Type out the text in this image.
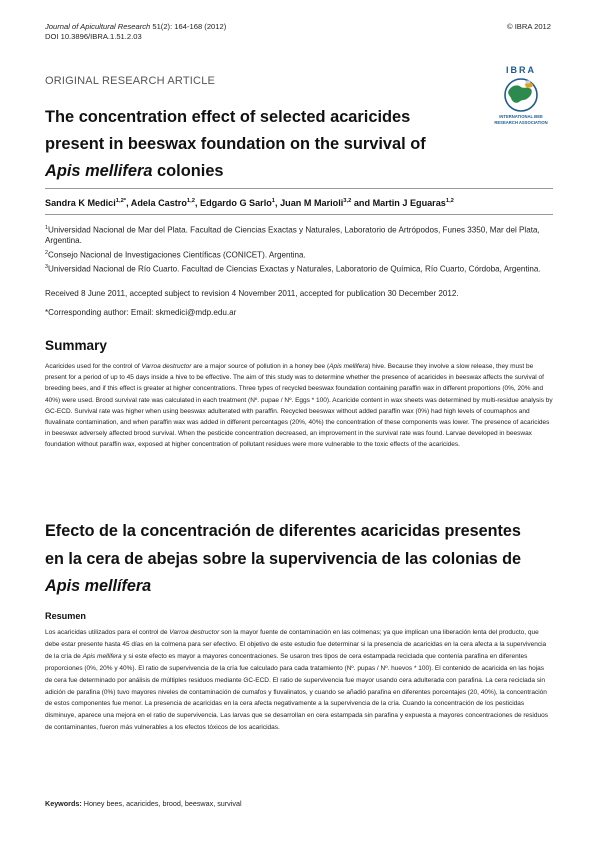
Journal of Apicultural Research 51(2): 164-168 (2012)
DOI 10.3896/IBRA.1.51.2.03
© IBRA 2012
ORIGINAL RESEARCH ARTICLE
IBRA
INTERNATIONAL BEE
RESEARCH ASSOCIATION
The concentration effect of selected acaricides
present in beeswax foundation on the survival of
Apis mellifera colonies
Sandra K Medici$^{1,2*}$, Adela Castro$^{1,2}$, Edgardo G Sarlo$^1$, Juan M Marioli$^{3,2}$ and Martin J Eguaras$^{1,2}$

$^1$Universidad Nacional de Mar del Plata. Facultad de Ciencias Exactas y Naturales, Laboratorio de Artrópodos, Funes 3350, Mar del Plata, Argentina.

$^2$Consejo Nacional de Investigaciones Científicas (CONICET). Argentina.

$^3$Universidad Nacional de Río Cuarto. Facultad de Ciencias Exactas y Naturales, Laboratorio de Química, Río Cuarto, Córdoba, Argentina.

Received 8 June 2011, accepted subject to revision 4 November 2011, accepted for publication 30 December 2012.
*Corresponding author: Email: skmedici@mdp.edu.ar
Summary
Acaricides used for the control of Varroa destructor are a major source of pollution in a honey bee (Apis mellifera) hive. Because they involve a slow release, they must be present for a period of up to 45 days inside a hive to be effective. The aim of this study was to determine whether the presence of acaricides in beeswax affects the survival of breeding bees, and if this effect is greater at higher concentrations. Three types of recycled beeswax foundation containing paraffin wax in different proportions (0%, 20% and 40%) were used. Brood survival rate was calculated in each treatment (Nº. pupae / Nº. Eggs * 100). Acaricide content in wax sheets was determined by multi-residue analysis by GC-ECD. Survival rate was higher when using beeswax adulterated with paraffin. Recycled beeswax without added paraffin wax (0%) had high levels of coumaphos and fluvalinate contamination, and when paraffin wax was added in different percentages (20%, 40%) the concentration of these components was lower. The presence of acaricides in beeswax adversely affected brood survival. When the pesticide concentration decreased, an improvement in the survival rate was found. Larvae developed in beeswax foundation without paraffin wax, exposed at higher concentration of pollutant residues were more vulnerable to the toxic effects of the acaricides.
Efecto de la concentración de diferentes acaricidas presentes
en la cera de abejas sobre la supervivencia de las colonias de
Apis mellífera
Resumen
Los acaricidas utilizados para el control de Varroa destructor son la mayor fuente de contaminación en las colmenas; ya que implican una liberación lenta del producto, que debe estar presente hasta 45 días en la colmena para ser efectivo. El objetivo de este estudio fue determinar si la presencia de acaricidas en la cera afecta a la supervivencia de la cría de Apis mellifera y si este efecto es mayor a mayores concentraciones. Se usaron tres tipos de cera estampada reciclada que contenía parafina en diferentes proporciones (0%, 20% y 40%). El ratio de supervivencia de la cría fue calculado para cada tratamiento (Nº. pupas / Nº. huevos * 100). El contenido de acaricida en las hojas de cera fue determinado por análisis de múltiples residuos mediante GC-ECD. El ratio de supervivencia fue mayor usando cera adulterada con parafina. La cera reciclada sin adición de parafina (0%) tuvo mayores niveles de contaminación de cumafos y fluvalinatos, y cuando se añadió parafina en diferentes porcentajes (20, 40%), la concentración de estos componentes fue menor. La presencia de acaricidas en la cera afecta negativamente a la supervivencia de la cría. Cuando la concentración de los pesticidas disminuye, aparece una mejora en el ratio de supervivencia. Las larvas que se desarrollan en cera estampada sin parafina y expuesta a mayores concentraciones de residuos de contaminantes, fueron más vulnerables a los efectos tóxicos de los acaricidas.
Keywords: Honey bees, acaricides, brood, beeswax, survival
